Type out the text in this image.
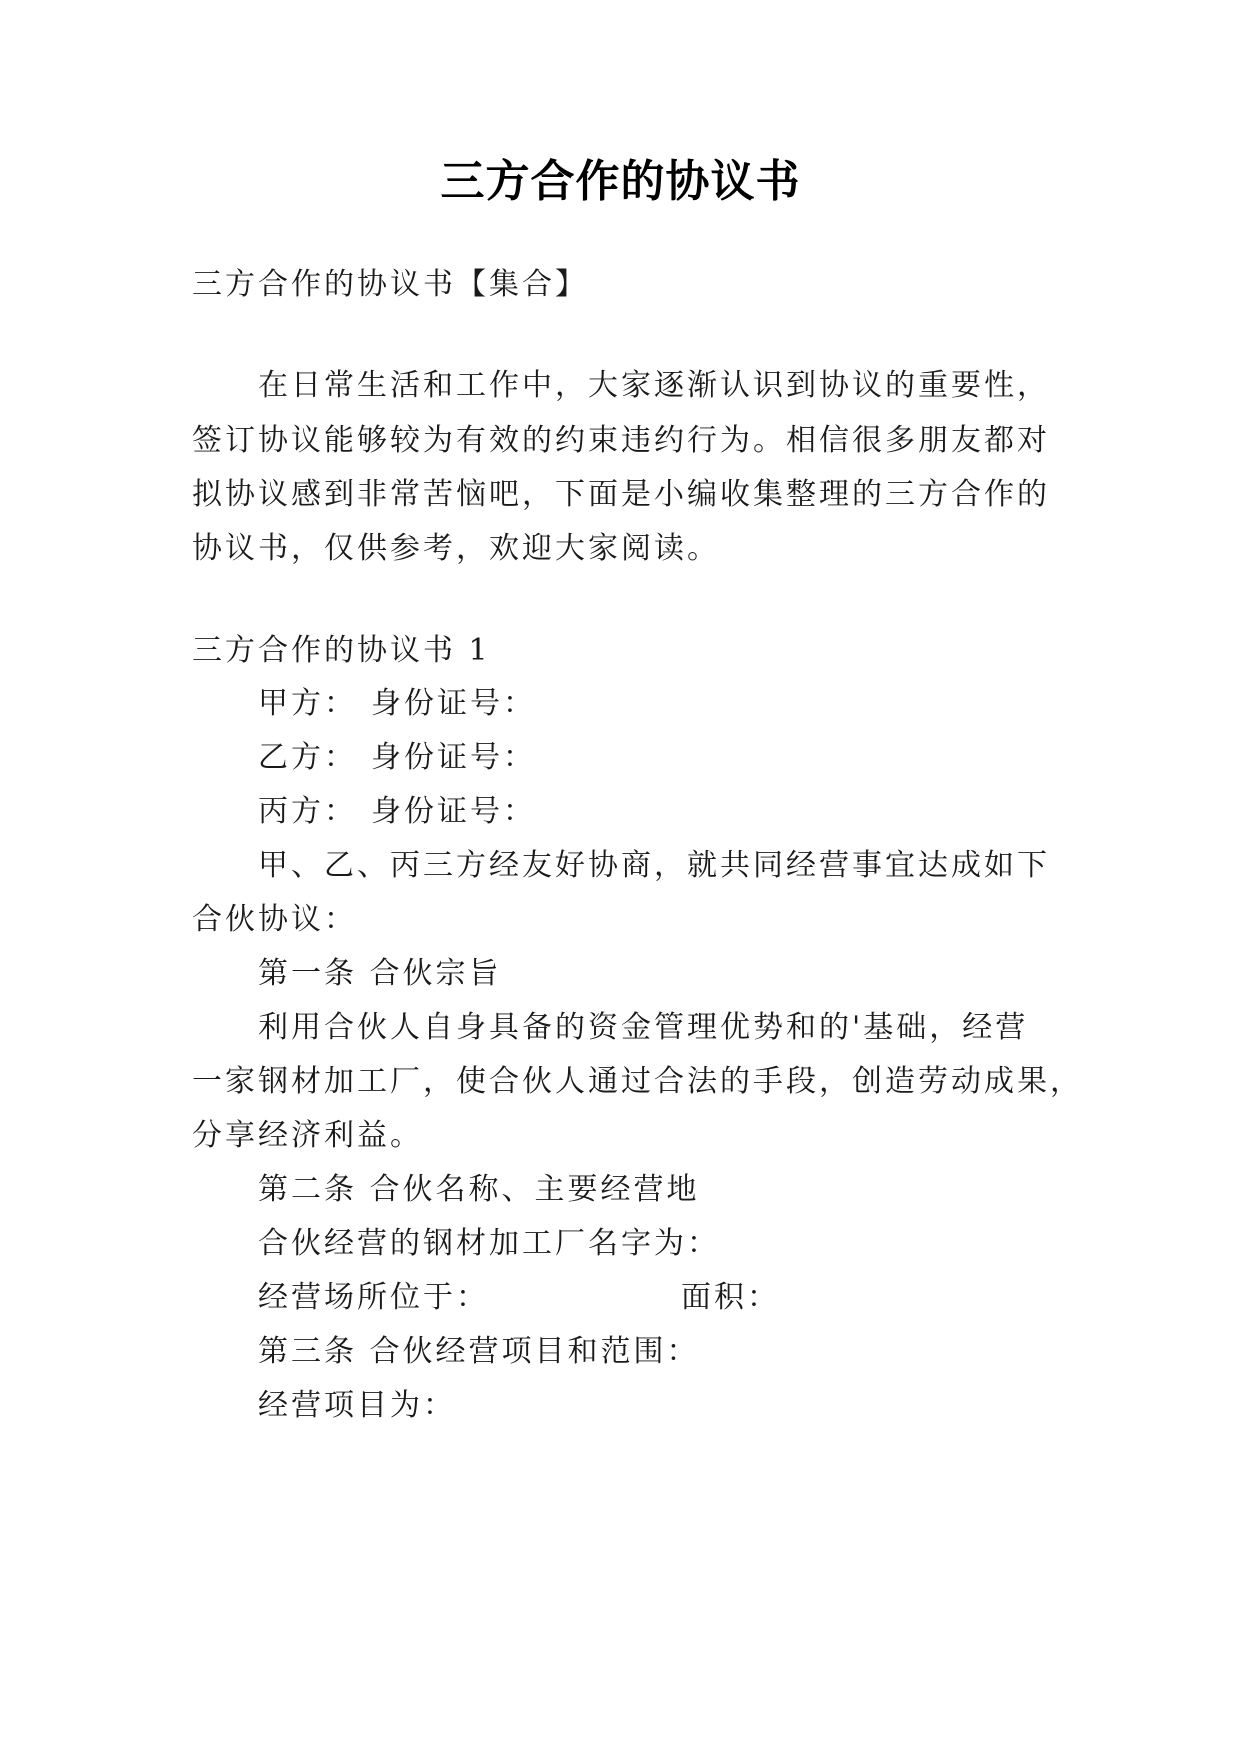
三方合作的协议书
三方合作的协议书【集合】
在日常生活和工作中，大家逐渐认识到协议的重要性，
签订协议能够较为有效的约束违约行为。相信很多朋友都对
拟协议感到非常苦恼吧，下面是小编收集整理的三方合作的
协议书，仅供参考，欢迎大家阅读。
三方合作的协议书 1
甲方： 身份证号：
乙方： 身份证号：
丙方： 身份证号：
甲、乙、丙三方经友好协商，就共同经营事宜达成如下
合伙协议：
第一条 合伙宗旨
利用合伙人自身具备的资金管理优势和的'基础，经营
一家钢材加工厂，使合伙人通过合法的手段，创造劳动成果，
分享经济利益。
第二条 合伙名称、主要经营地
合伙经营的钢材加工厂名字为：
经营场所位于：	面积：
第三条 合伙经营项目和范围：
经营项目为：
